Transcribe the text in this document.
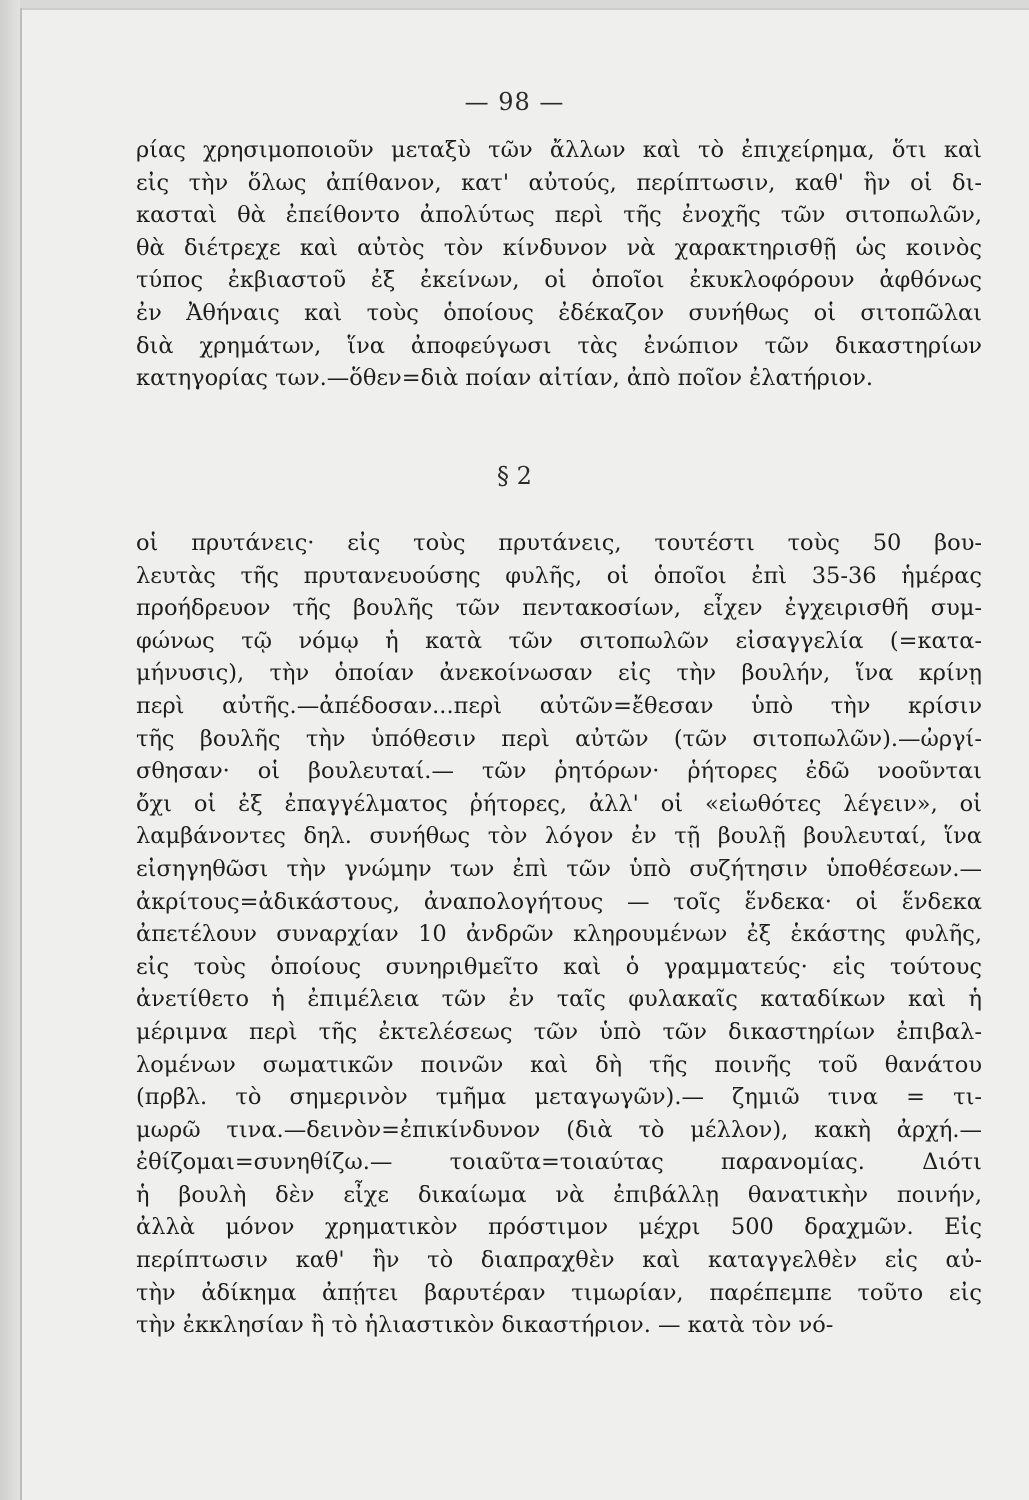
— 98 —
ρίας χρησιμοποιοῦν μεταξὺ τῶν ἄλλων καὶ τὸ ἐπιχείρημα, ὅτι καὶ
εἰς τὴν ὅλως ἀπίθανον, κατ' αὐτούς, περίπτωσιν, καθ' ἣν οἱ δι-
κασταὶ θὰ ἐπείθοντο ἀπολύτως περὶ τῆς ἐνοχῆς τῶν σιτοπωλῶν,
θὰ διέτρεχε καὶ αὐτὸς τὸν κίνδυνον νὰ χαρακτηρισθῇ ὡς κοινὸς
τύπος ἐκβιαστοῦ ἐξ ἐκείνων, οἱ ὁποῖοι ἐκυκλοφόρουν ἀφθόνως
ἐν Ἀθήναις καὶ τοὺς ὁποίους ἐδέκαζον συνήθως οἱ σιτοπῶλαι
διὰ χρημάτων, ἵνα ἀποφεύγωσι τὰς ἐνώπιον τῶν δικαστηρίων
κατηγορίας των.—ὅθεν=διὰ ποίαν αἰτίαν, ἀπὸ ποῖον ἐλατήριον.
§ 2
οἱ πρυτάνεις· εἰς τοὺς πρυτάνεις, τουτέστι τοὺς 50 βου-
λευτὰς τῆς πρυτανευούσης φυλῆς, οἱ ὁποῖοι ἐπὶ 35-36 ἡμέρας
προήδρευον τῆς βουλῆς τῶν πεντακοσίων, εἶχεν ἐγχειρισθῆ συμ-
φώνως τῷ νόμῳ ἡ κατὰ τῶν σιτοπωλῶν εἰσαγγελία (=κατα-
μήνυσις), τὴν ὁποίαν ἀνεκοίνωσαν εἰς τὴν βουλήν, ἵνα κρίνῃ
περὶ αὐτῆς.—ἀπέδοσαν...περὶ αὐτῶν=ἔθεσαν ὑπὸ τὴν κρίσιν
τῆς βουλῆς τὴν ὑπόθεσιν περὶ αὐτῶν (τῶν σιτοπωλῶν).—ὠργί-
σθησαν· οἱ βουλευταί.— τῶν ῥητόρων· ῥήτορες ἐδῶ νοοῦνται
ὄχι οἱ ἐξ ἐπαγγέλματος ῥήτορες, ἀλλ' οἱ «εἰωθότες λέγειν», οἱ
λαμβάνοντες δηλ. συνήθως τὸν λόγον ἐν τῇ βουλῇ βουλευταί, ἵνα
εἰσηγηθῶσι τὴν γνώμην των ἐπὶ τῶν ὑπὸ συζήτησιν ὑποθέσεων.—
ἀκρίτους=ἀδικάστους, ἀναπολογήτους — τοῖς ἕνδεκα· οἱ ἕνδεκα
ἀπετέλουν συναρχίαν 10 ἀνδρῶν κληρουμένων ἐξ ἑκάστης φυλῆς,
εἰς τοὺς ὁποίους συνηριθμεῖτο καὶ ὁ γραμματεύς· εἰς τούτους
ἀνετίθετο ἡ ἐπιμέλεια τῶν ἐν ταῖς φυλακαῖς καταδίκων καὶ ἡ
μέριμνα περὶ τῆς ἐκτελέσεως τῶν ὑπὸ τῶν δικαστηρίων ἐπιβαλ-
λομένων σωματικῶν ποινῶν καὶ δὴ τῆς ποινῆς τοῦ θανάτου
(πρβλ. τὸ σημερινὸν τμῆμα μεταγωγῶν).— ζημιῶ τινα = τι-
μωρῶ τινα.—δεινὸν=ἐπικίνδυνον (διὰ τὸ μέλλον), κακὴ ἀρχή.—
ἐθίζομαι=συνηθίζω.— τοιαῦτα=τοιαύτας παρανομίας. Διότι
ἡ βουλὴ δὲν εἶχε δικαίωμα νὰ ἐπιβάλλῃ θανατικὴν ποινήν,
ἀλλὰ μόνον χρηματικὸν πρόστιμον μέχρι 500 δραχμῶν. Εἰς
περίπτωσιν καθ' ἣν τὸ διαπραχθὲν καὶ καταγγελθὲν εἰς αὐ-
τὴν ἀδίκημα ἀπῄτει βαρυτέραν τιμωρίαν, παρέπεμπε τοῦτο εἰς
τὴν ἐκκλησίαν ἢ τὸ ἡλιαστικὸν δικαστήριον. — κατὰ τὸν νό-
